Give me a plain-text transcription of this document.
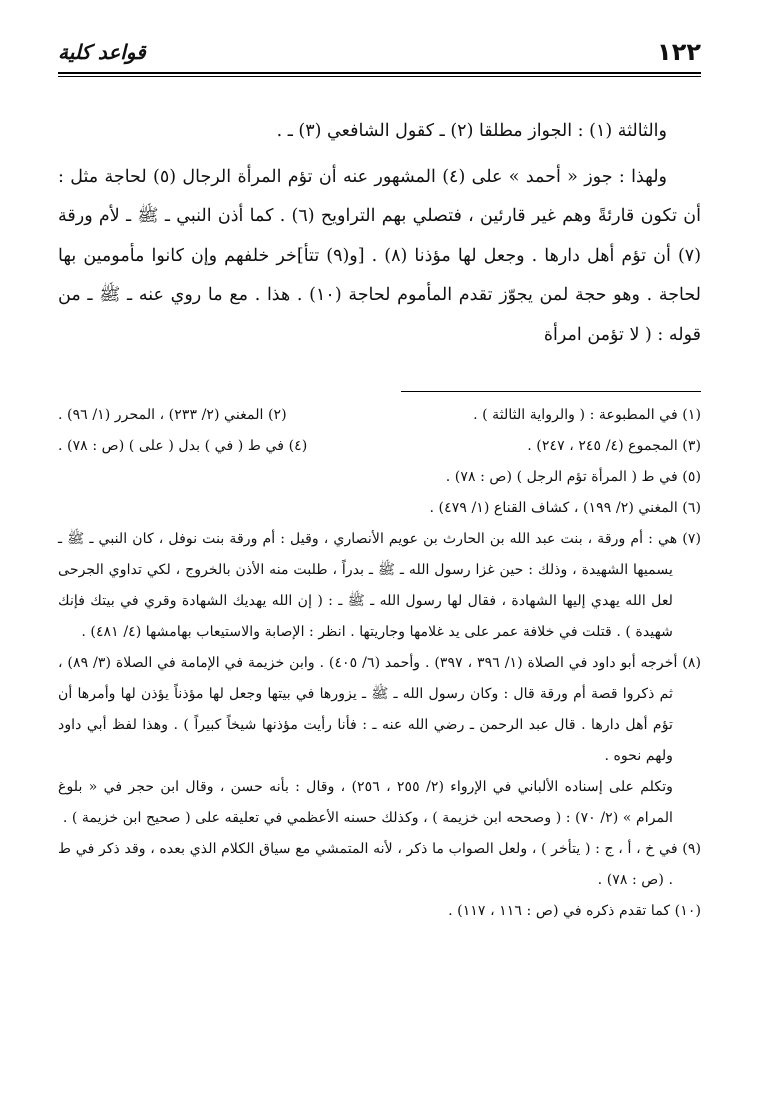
١٢٢
قواعد كلية

والثالثة (١) : الجواز مطلقا (٢) ـ كقول الشافعي (٣) ـ .

ولهذا : جوز « أحمد » على (٤) المشهور عنه أن تؤم المرأة الرجال (٥) لحاجة مثل : أن تكون قارئةً وهم غير قارئين ، فتصلي بهم التراويح (٦) . كما أذن النبي ـ ﷺ ـ لأم ورقة (٧) أن تؤم أهل دارها . وجعل لها مؤذنا (٨) . [و(٩) تتأ]خر خلفهم وإن كانوا مأمومين بها لحاجة . وهو حجة لمن يجوّز تقدم المأموم لحاجة (١٠) . هذا . مع ما روي عنه ـ ﷺ ـ من قوله : ( لا تؤمن امرأة

(١) في المطبوعة : ( والرواية الثالثة ) .
(٢) المغني (٢/ ٢٣٣) ، المحرر (١/ ٩٦) .
(٣) المجموع (٤/ ٢٤٥ ، ٢٤٧) .
(٤) في ط ( في ) بدل ( على ) (ص : ٧٨) .
(٥) في ط ( المرأة تؤم الرجل ) (ص : ٧٨) .
(٦) المغني (٢/ ١٩٩) ، كشاف القناع (١/ ٤٧٩) .
(٧) هي : أم ورقة ، بنت عبد الله بن الحارث بن عويم الأنصاري ، وقيل : أم ورقة بنت نوفل ، كان النبي ـ ﷺ ـ يسميها الشهيدة ، وذلك : حين غزا رسول الله ـ ﷺ ـ بدراً ، طلبت منه الأذن بالخروج ، لكي تداوي الجرحى لعل الله يهدي إليها الشهادة ، فقال لها رسول الله ـ ﷺ ـ : ( إن الله يهديك الشهادة وقري في بيتك فإنك شهيدة ) . قتلت في خلافة عمر على يد غلامها وجاريتها . انظر : الإصابة والاستيعاب بهامشها (٤/ ٤٨١) .
(٨) أخرجه أبو داود في الصلاة (١/ ٣٩٦ ، ٣٩٧) . وأحمد (٦/ ٤٠٥) . وابن خزيمة في الإمامة في الصلاة (٣/ ٨٩) ، ثم ذكروا قصة أم ورقة قال : وكان رسول الله ـ ﷺ ـ يزورها في بيتها وجعل لها مؤذناً يؤذن لها وأمرها أن تؤم أهل دارها . قال عبد الرحمن ـ رضي الله عنه ـ : فأنا رأيت مؤذنها شيخاً كبيراً ) . وهذا لفظ أبي داود ولهم نحوه .
وتكلم على إسناده الألباني في الإرواء (٢/ ٢٥٥ ، ٢٥٦) ، وقال : بأنه حسن ، وقال ابن حجر في « بلوغ المرام » (٢/ ٧٠) : ( وصححه ابن خزيمة ) ، وكذلك حسنه الأعظمي في تعليقه على ( صحيح ابن خزيمة ) .
(٩) في خ ، أ ، ج : ( يتأخر ) ، ولعل الصواب ما ذكر ، لأنه المتمشي مع سياق الكلام الذي بعده ، وقد ذكر في ط . (ص : ٧٨) .
(١٠) كما تقدم ذكره في (ص : ١١٦ ، ١١٧) .
